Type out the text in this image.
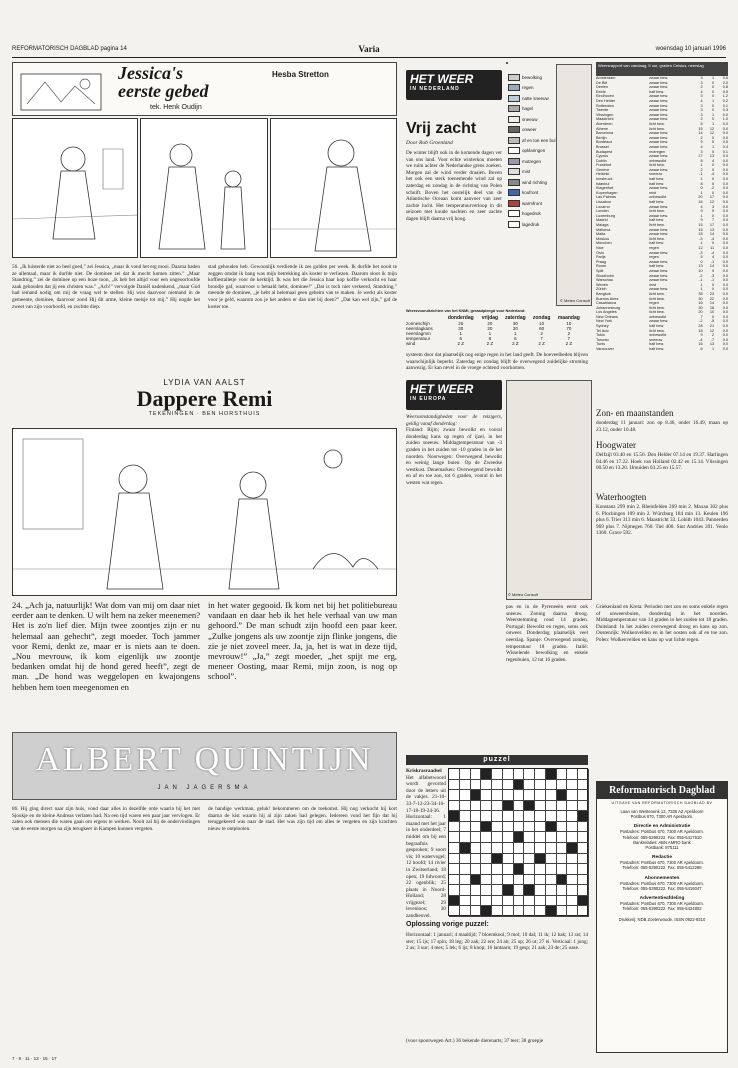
REFORMATORISCH DAGBLAD pagina 14	Varia	woensdag 10 januari 1996
Jessica's
eerste gebed
Hesba Stretton
tek. Henk Oudijn
56. „Ik luisterde niet zo heel goed,” zei Jessica, „maar ik vond het erg mooi. Daarna baden ze allemaal, maar ik durfde niet. De dominee zei dat ik mocht komen zitten.” „Maar Standring,” zei de dominee op een boze toon, „ik heb het altijd voor een ongeoorloofde zaak gehouden dat jij een christen was.” „Ach!” vervolgde Daniël nadenkend, „maar God had iemand nodig om mij de vraag wel te stellen. Hij wist daarvoor niemand in de gemeente, dominee, daarvoor zond Hij dit arme, kleine meisje tot mij.” Hij nogde het zweet van zijn voorhoofd, en zuchtte diep.
stad gehouden heb. Gewoonlijk verdiende ik zes gulden per week. Ik durfde het nooit te zeggen omdat ik bang was mijn betrekking als koster te verliezen. Daarom sloot ik mijn koffiestalletje voor de kerktijd. Ik was het die Jessica haar kop koffie verkocht en haar broodje gaf, waarvoor u betaald hebt, dominee!” „Dat is toch niet verkeerd, Standring,” meende de dominee, „je hebt al helemaal geen geheim van te maken. Je werkt als koster voor je geld, waarom zou je het anders er dan niet bij doen?” „Dat kan wel zijn,” gaf de koster toe.
LYDIA VAN AALST
Dappere Remi
TEKENINGEN · BEN HORSTHUIS
24. „Ach ja, natuurlijk! Wat dom van mij om daar niet eerder aan te denken. U wilt hem na zeker meenemen? Het is zo'n lief dier. Mijn twee zoontjes zijn er nu helemaal aan gehecht”, zegt moeder. Toch jammer voor Remi, denkt ze, maar er is niets aan te doen. „Nou mevrouw, ik kom eigenlijk uw zoontje bedanken omdat hij de hond gered heeft”, zegt de man. „De hond was weggelopen en kwajongens hebben hem toen meegenomen en
in het water gegooid. Ik kom net bij het politiebureau vandaan en daar heb ik het hele verhaal van uw man gehoord.” De man schudt zijn hoofd een paar keer. „Zulke jongens als uw zoontje zijn flinke jongens, die zie je niet zoveel meer. Ja, ja, het is wat in deze tijd, mevrouw!” „Ja,” zegt moeder, „het spijt me erg, meneer Oosting, maar Remi, mijn zoon, is nog op school”.
ALBERT QUINTIJN
JAN JAGERSMA
86. Hij ging direct naar zijn huis, vond daar alles in dezelfde orde waarin hij het met Sjoukje en de kleine Andreas verlaten had. Na een tijd waren een paar jaar vervlogen. Er zaten ook mensen die waren gaan om ergens te werken. Nooit zal hij de ondervindingen van de eerste morgen na zijn terugkeer in Kampen kunnen vergeten.
de handige werkman, geluk! bekommeren om de toekomst. Hij nog verkocht hij kort daarna de kist waarin hij al zijn zaken had gelegen. Iedereen vond het fijn dat hij teruggekeerd was naar de stad. Het was zijn tijd om alles te vergeten en zijn krachten nieuw te ontplooien.
HET WEER
IN NEDERLAND
Vrij zacht
Door Rob Groenland
De winter blijft ook in de komende dagen ver van ons land. Voor echte winterkou moeten we ruim achter de Nederlandse grens zoeken. Morgen zal de wind verder draaien. Boven het ook een sterk toenemende wind zal op zaterdag en zondag in de richting van Polen schuift. Boven het oostelijk deel van de Atlantische Oceaan komt aanvoer van zeer zachte lucht. Het temperatuurverloop in dit seizoen met koude nachten en zeer zachte dagen blijft daarna vrij hoog.
bewolking
regen
natte sneeuw
hagel
sneeuw
onweer
af en toe een bui
opklaringen
motregen
mist
wind richting
koufront
warmfront
hogedruk
lagedruk
© Meteo Consult
Weersvooruitzichten van het KNMI, geraadpleegd voor Nederland:
	donderdag	vrijdag	zaterdag	zondag	maandag
zonneschijn	20	20	30	10	10
neerslagkans	30	20	30	60	70
neerslagmm	1	1	1	2	2
temperatuur	6	8	6	7	7
wind	2 Z	2 Z	2 Z	2 Z	2 Z
systeem door dat plaatselijk nog enige regen in het land geeft. De hoeveelheden blijven waarschijnlijk beperkt. Zaterdag en zondag blijft de overwegend zuidelijke stroming aanwezig. Er kan nevel in de vroege ochtend voorkomen.
Weersrapport van vandaag, 5 uur, graden Celsius, neerslag
Amsterdam	zwaar bew.	3	1	0.6
De Bilt	zwaar bew.	3	0	2.0
Deelen	zwaar bew.	2	0	0.8
Eelde	half bew.	4	0	0.5
Eindhoven	zwaar bew.	3	0	1.2
Den Helder	zwaar bew.	4	1	0.2
Rotterdam	zwaar bew.	3	0	0.1
Twente	zwaar bew.	3	0	0.3
Vlissingen	zwaar bew.	3	1	0.0
Maastricht	zwaar bew.	2	0	1.0
Aberdeen	licht bew.	5	1	0.0
Athene	licht bew.	15	12	0.0
Barcelona	zwaar bew.	14	12	0.0
Berlijn	zwaar bew.	2	0	0.0
Bordeaux	zwaar bew.	9	5	0.5
Brussel	zwaar bew.	4	1	0.4
Budapest	motregen	3	0	0.1
Cyprus	zwaar bew.	17	13	0.0
Dublin	onbewolkt	8	4	0.0
Frankfurt	licht bew.	1	0	0.0
Genève	zwaar bew.	2	0	0.0
Helsinki	sneeuw	-1	-4	0.0
Innsbruck	half bew.	1	0	0.0
Istanbul	half bew.	8	5	0.0
Klagenfurt	zwaar bew.	0	-2	0.0
Kopenhagen	mist	1	0	0.0
Las Palmas	onbewolkt	20	17	0.0
Lissabon	half bew.	16	12	0.0
Locarno	zwaar bew.	4	3	0.0
Londen	licht bew.	9	5	0.0
Luxemburg	zwaar bew.	1	0	0.0
Madrid	half bew.	9	7	0.0
Malaga	licht bew.	15	17	0.0
Mallorca	zwaar bew.	15	13	0.0
Malta	zwaar bew.	15	14	0.0
Moskou	licht bew.	-3	-4	0.0
München	half bew.	1	0	0.0
Nice	regen	12	11	0.0
Oslo	zwaar bew.	-3	-4	0.0
Parijs	regen	5	4	0.0
Praag	zwaar bew.	0	-1	0.0
Rome	half bew.	13	14	0.0
Split	zwaar bew.	10	9	0.0
Stockholm	zwaar bew.	-2	-3	0.0
Warschau	zwaar bew.	-1	-1	0.0
Wenen	mist	1	0	0.0
Zürich	zwaar bew.	1	0	0.0
Bangkok	licht bew.	35	23	0.0
Buenos Aires	licht bew.	30	22	0.0
Casablanca	regen	16	14	0.0
Johannesburg	licht bew.	30	18	0.0
Los Angeles	licht bew.	20	10	0.0
New Orleans	onbewolkt	7	0	0.0
New York	zwaar bew.	-2	-5	0.0
Sydney	half bew.	28	21	0.0
Tel Aviv	licht bew.	18	12	0.0
Tokio	onbewolkt	9	2	0.0
Toronto	sneeuw	-4	-7	0.0
Tunis	half bew.	16	13	0.0
Vancouver	half bew.	6	1	0.0
HET WEER
IN EUROPA
Weersomstandigheden voor de reizigers, geldig vanaf donderdag:
Finland: Rijm; zwaar bewolkt en vooral donderdag kans op regen of ijzel, in het zuiden sneeuw. Middagtemperatuur van -3 graden in het zuiden tot -10 graden in de het noorden. Noorwegen: Overwegend bewolkt en weinig lange buien. Op de Zweedse westkust. Denemarken: Overwegend bewolkt en af en toe zon, tot 6 graden, vooral in het westen wat regen.
© Meteo Consult
pas en in de Pyreneeën eerst ook sneeuw. Zonnig daarna droog. Weerstemming rond 14 graden. Portugal: Bewolkt en regen, soms ook onweer. Donderdag plaatselijk veel neerslag. Spanje: Overwegend zonnig, temperatuur 18 graden. Italië: Wisselende bewolking en enkele regenbuien, 12 tot 16 graden.
Zon- en maanstanden
donderdag 11 januari: zon op 8.46, onder 16.49, maan op 23.12, onder 10.48.
Hoogwater
Delfzijl 03.40 en 15.56. Den Helder 07.14 en 19.37. Harlingen 04.46 en 17.22. Hoek van Holland 02.42 en 15.14. Vlissingen 00.50 en 13.20. IJmuiden 03.25 en 15.57.
Waterhoogten
Konstanz 299 min 2. Rheinfelden 269 min 2. Maxau 302 plus 6. Plochingen 109 min 2. Würzburg 184 min 13. Keulen 196 plus 6. Trier 313 min 6. Maastricht 33. Lobith 1043. Pannerden 969 plus 7. Nijmegen 760. Tiel 400. Sint Andries 391. Venlo 1360. Grave 592.
Griekenland en Kreta: Perioden met zon en soms enkele regen of onweersbuien, donderdag in het noorden. Middagtemperatuur van 14 graden in het zuiden tot 18 graden. Duitsland: In het zuiden overwegend droog en kans op zon. Oostenrijk: Wolkenvelden en in het oosten ook af en toe zon. Polen: Wolkenvelden en kans op wat lichte regen.
puzzel
Kriskrasraadsel
Het alfabetwoord wordt gevormd door de letters uit de vakjes. 21-10-33-7-12-23-34-16-17-18-19-24-36. Horizontaal: 1 maand met het jaar in het onderdeel; 7 middel om bij een begraafnis gesproken; 9 soort vis; 10 watervogel; 12 hoofd; 14 rivier in Zwitserland; 18 open; 19 lidwoord; 22 ogenblik; 25 plaats in Noord-Holland; 28 vrijgezel; 29 levenloos; 30 zandheuvel.
Oplossing vorige puzzel:
Horizontaal: 1 januari; 4 maaltijd; 7 bloemkool; 9 mol; 10 dal; 11 ik; 12 bak; 13 rat; 14 ster; 15 ijs; 17 spin; 18 leg; 20 zak; 22 ere; 24 ab; 25 op; 26 ut; 27 ei. Verticaal: 1 jong; 2 as; 3 uur; 4 mes; 5 lek; 6 ijs; 8 knop; 16 lantaarn; 19 gesp; 21 aak; 23 de; 25 oase.
(voor spoorwegen Art.) 36 bekende dierenarts; 37 teer; 38 groepje
Reformatorisch Dagblad
UITGAVE VAN REFORMATORISCH DAGBLAD BV
Laan van Westenenk 12, 7336 AZ Apeldoorn
Postbus 670, 7300 AR Apeldoorn.
Directie en Administratie
Postadres: Postbus 670, 7300 AR Apeldoorn.
Telefoon: 055-5390222. Fax: 055-5417610
Bankrelaties: ABN AMRO bank
Postbank: 875111
Redactie
Postadres: Postbus 670, 7300 AR Apeldoorn.
Telefoon: 055-5390222. Fax: 055-5412288
Abonnementen
Postadres: Postbus 670, 7300 AR Apeldoorn.
Telefoon: 055-5390222. Fax: 055-5416047
Advertentieafdeling
Postadres: Postbus 670, 7300 AR Apeldoorn.
Telefoon: 055-5390222. Fax: 055-5424802
Drukkerij: NDB Zoeterwoude. ISSN 0922-9310
7 · 9 · 11 · 13 · 15 · 17
